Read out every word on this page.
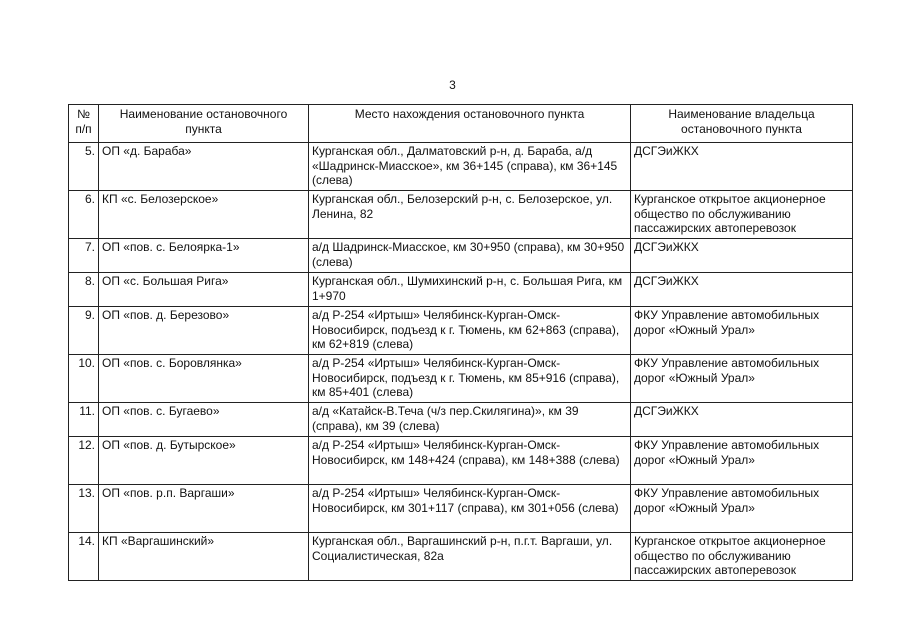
3
№ п/п	Наименование остановочного пункта	Место нахождения остановочного пункта	Наименование владельца остановочного пункта
5.	ОП «д. Бараба»	Курганская обл., Далматовский р-н, д. Бараба, а/д «Шадринск-Миасское», км 36+145 (справа), км 36+145 (слева)	ДСГЭиЖКХ
6.	КП «с. Белозерское»	Курганская обл., Белозерский р-н, с. Белозерское, ул. Ленина, 82	Курганское открытое акционерное общество по обслуживанию пассажирских автоперевозок
7.	ОП «пов. с. Белоярка-1»	а/д Шадринск-Миасское, км 30+950 (справа), км 30+950 (слева)	ДСГЭиЖКХ
8.	ОП «с. Большая Рига»	Курганская обл., Шумихинский р-н, с. Большая Рига, км 1+970	ДСГЭиЖКХ
9.	ОП «пов. д. Березово»	а/д Р-254 «Иртыш» Челябинск-Курган-Омск-Новосибирск, подъезд к г. Тюмень, км 62+863 (справа), км 62+819 (слева)	ФКУ Управление автомобильных дорог «Южный Урал»
10.	ОП «пов. с. Боровлянка»	а/д Р-254 «Иртыш» Челябинск-Курган-Омск-Новосибирск, подъезд к г. Тюмень, км 85+916 (справа), км 85+401 (слева)	ФКУ Управление автомобильных дорог «Южный Урал»
11.	ОП «пов. с. Бугаево»	а/д «Катайск-В.Теча (ч/з пер.Скилягина)», км 39 (справа), км 39 (слева)	ДСГЭиЖКХ
12.	ОП «пов. д. Бутырское»	а/д Р-254 «Иртыш» Челябинск-Курган-Омск-Новосибирск, км 148+424 (справа), км 148+388 (слева)	ФКУ Управление автомобильных дорог «Южный Урал»
13.	ОП «пов. р.п. Варгаши»	а/д Р-254 «Иртыш» Челябинск-Курган-Омск-Новосибирск, км 301+117 (справа), км 301+056 (слева)	ФКУ Управление автомобильных дорог «Южный Урал»
14.	КП «Варгашинский»	Курганская обл., Варгашинский р-н, п.г.т. Варгаши, ул. Социалистическая, 82а	Курганское открытое акционерное общество по обслуживанию пассажирских автоперевозок
